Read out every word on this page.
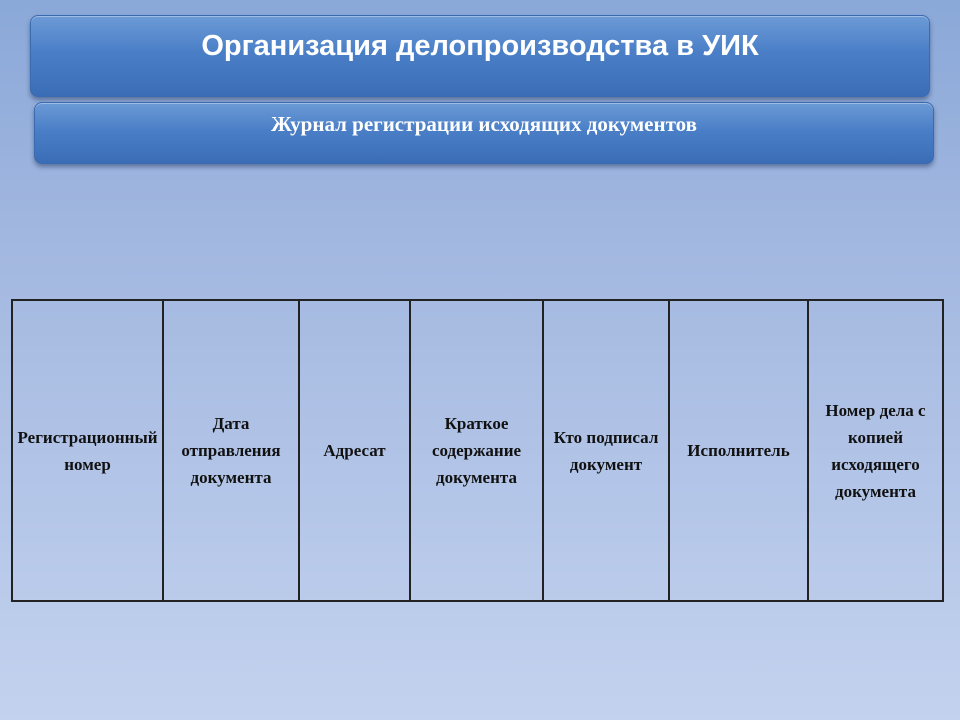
Организация делопроизводства в УИК
Журнал регистрации исходящих документов
Регистрационный номер	Дата отправления документа	Адресат	Краткое содержание документа	Кто подписал документ	Исполнитель	Номер дела с копией исходящего документа
